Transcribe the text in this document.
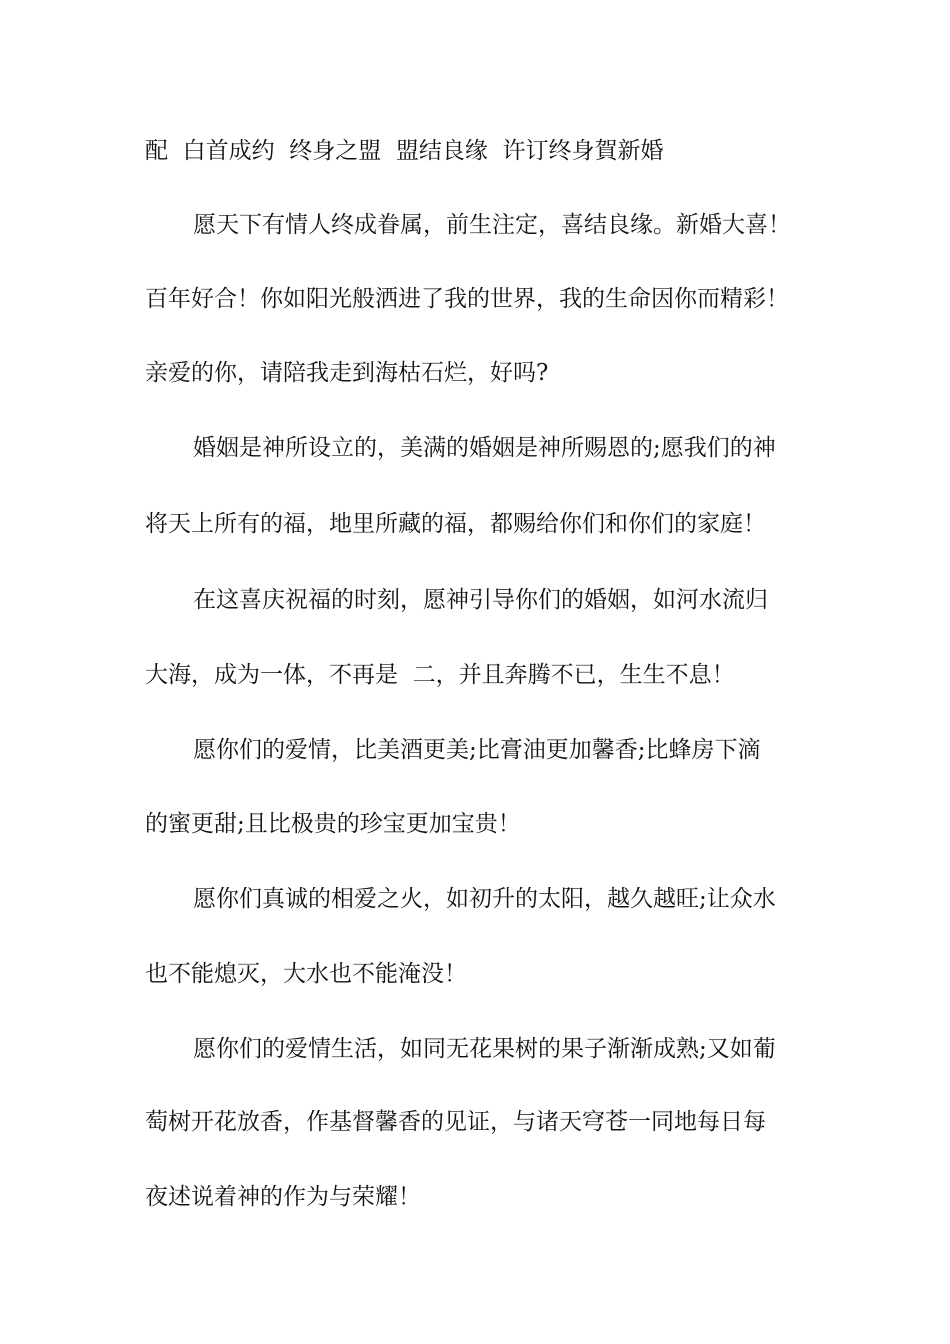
配  白首成约  终身之盟  盟结良缘  许订终身賀新婚
愿天下有情人终成眷属，前生注定，喜结良缘。新婚大喜！
百年好合！你如阳光般洒进了我的世界，我的生命因你而精彩！
亲爱的你，请陪我走到海枯石烂，好吗?
婚姻是神所设立的，美满的婚姻是神所赐恩的;愿我们的神
将天上所有的福，地里所藏的福，都赐给你们和你们的家庭！
在这喜庆祝福的时刻，愿神引导你们的婚姻，如河水流归
大海，成为一体，不再是  二，并且奔腾不已，生生不息！
愿你们的爱情，比美酒更美;比膏油更加馨香;比蜂房下滴
的蜜更甜;且比极贵的珍宝更加宝贵！
愿你们真诚的相爱之火，如初升的太阳，越久越旺;让众水
也不能熄灭，大水也不能淹没！
愿你们的爱情生活，如同无花果树的果子渐渐成熟;又如葡
萄树开花放香，作基督馨香的见证，与诸天穹苍一同地每日每
夜述说着神的作为与荣耀！
